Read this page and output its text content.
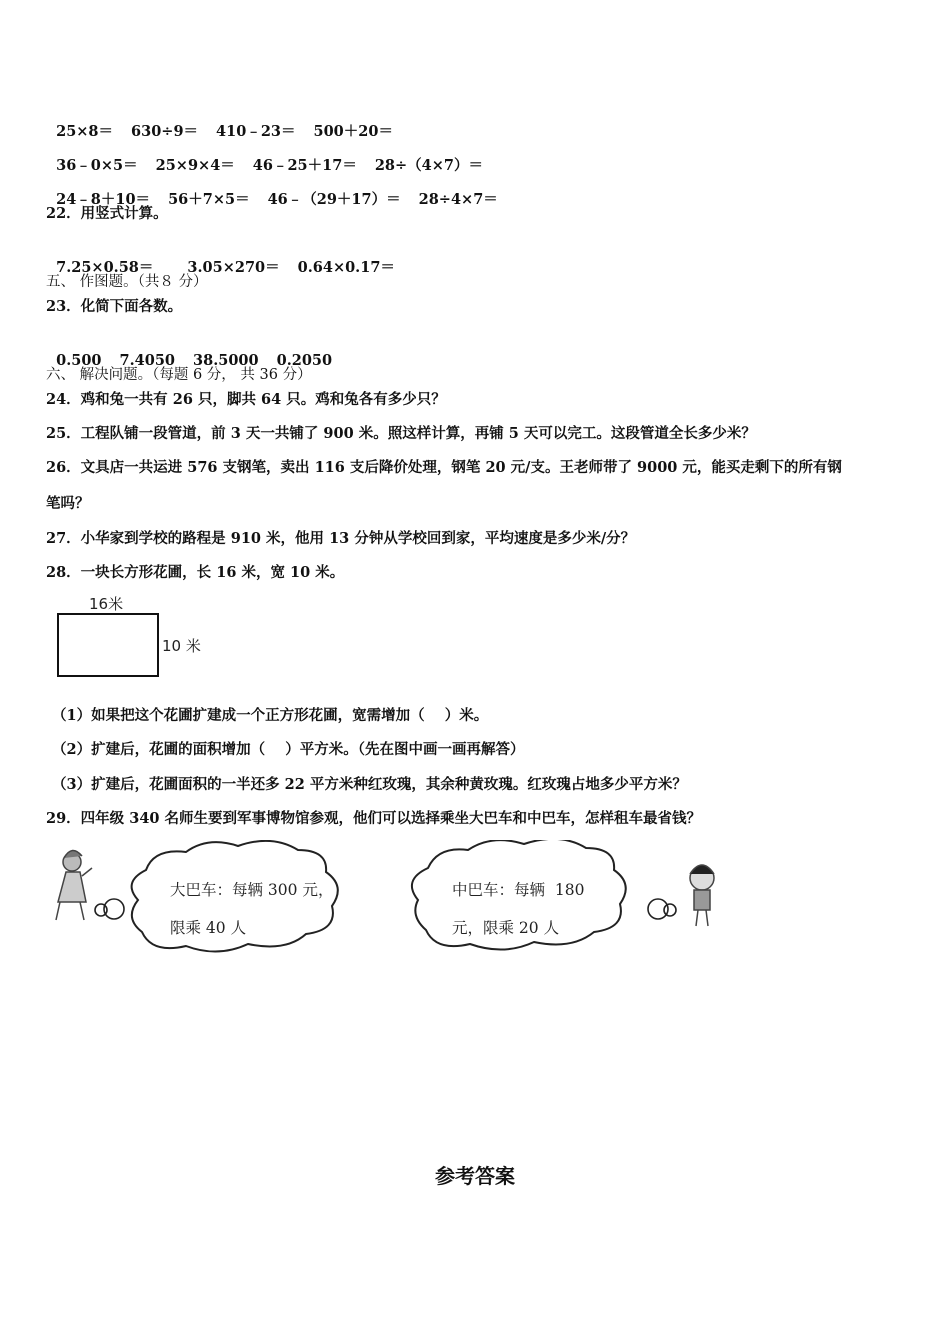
25×8＝ 630÷9＝ 410﹣23＝ 500＋20＝

36﹣0×5＝ 25×9×4＝ 46﹣25＋17＝ 28÷（4×7）＝

24﹣8＋10＝ 56＋7×5＝ 46﹣（29＋17）＝ 28÷4×7＝

22．用竖式计算。

7.25×0.58＝ 3.05×270＝ 0.64×0.17＝

五、 作图题。（共８ 分）
23．化简下面各数。

0.500 7.4050 38.5000 0.2050

六、 解决问题。（每题 6 分， 共 36 分）
24．鸡和兔一共有 26 只，脚共 64 只。鸡和兔各有多少只？
25．工程队铺一段管道，前 3 天一共铺了 900 米。照这样计算，再铺 5 天可以完工。这段管道全长多少米？
26．文具店一共运进 576 支钢笔，卖出 116 支后降价处理，钢笔 20 元/支。王老师带了 9000 元，能买走剩下的所有钢
笔吗？
27．小华家到学校的路程是 910 米，他用 13 分钟从学校回到家，平均速度是多少米/分？
28．一块长方形花圃，长 16 米，宽 10 米。
16米
10 米
（1）如果把这个花圃扩建成一个正方形花圃，宽需增加（    ）米。
（2）扩建后，花圃的面积增加（    ）平方米。（先在图中画一画再解答）
（3）扩建后，花圃面积的一半还多 22 平方米种红玫瑰，其余种黄玫瑰。红玫瑰占地多少平方米？
29．四年级 340 名师生要到军事博物馆参观，他们可以选择乘坐大巴车和中巴车，怎样租车最省钱？
大巴车：每辆 300 元，
限乘 40 人
中巴车：每辆  180
元，限乘 20 人
参考答案
